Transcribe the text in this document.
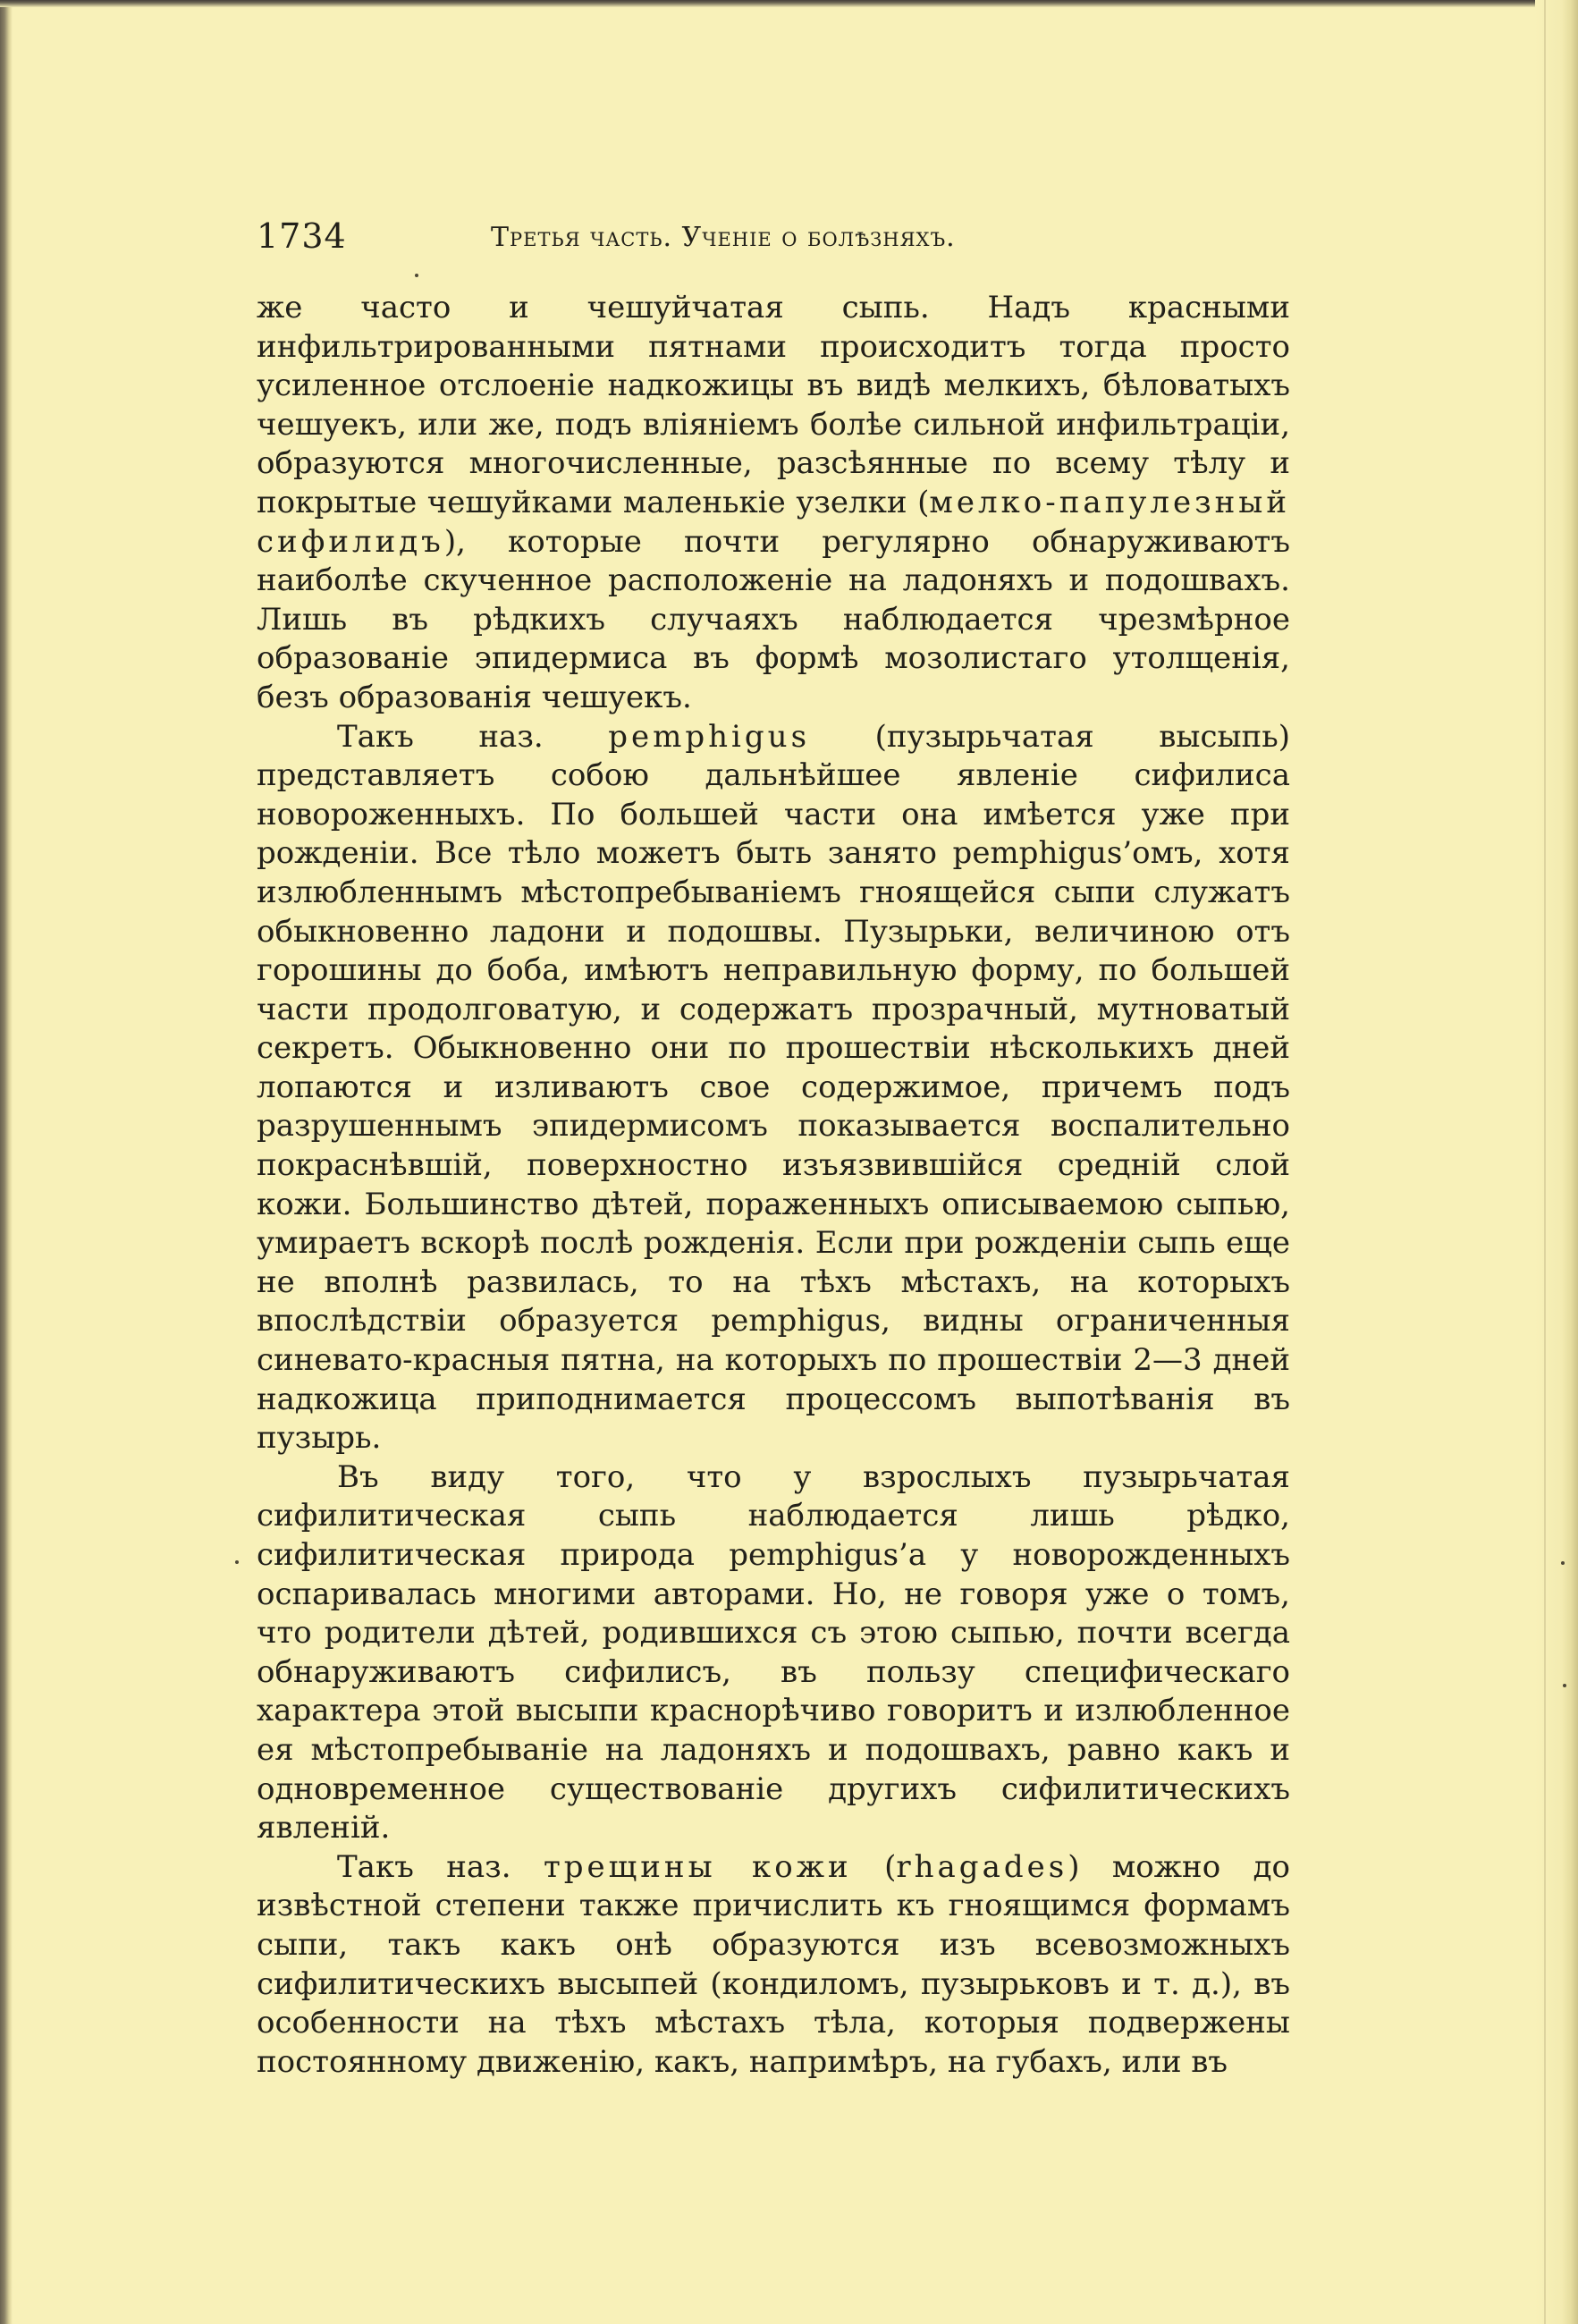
1734	Третья часть. Ученіе о болѣзняхъ.

же часто и чешуйчатая сыпь. Надъ красными инфильтрированными пятнами происходитъ тогда просто усиленное отслоеніе надкожицы въ видѣ мелкихъ, бѣловатыхъ чешуекъ, или же, подъ вліяніемъ болѣе сильной инфильтраціи, образуются многочисленные, разсѣянные по всему тѣлу и покрытые чешуйками маленькіе узелки (мелко-папулезный сифилидъ), которые почти регулярно обнаруживаютъ наиболѣе скученное расположеніе на ладоняхъ и подошвахъ. Лишь въ рѣдкихъ случаяхъ наблюдается чрезмѣрное образованіе эпидермиса въ формѣ мозолистаго утолщенія, безъ образованія чешуекъ.

Такъ наз. pemphigus (пузырьчатая высыпь) представляетъ собою дальнѣйшее явленіе сифилиса новороженныхъ. По большей части она имѣется уже при рожденіи. Все тѣло можетъ быть занято pemphigus’омъ, хотя излюбленнымъ мѣстопребываніемъ гноящейся сыпи служатъ обыкновенно ладони и подошвы. Пузырьки, величиною отъ горошины до боба, имѣютъ неправильную форму, по большей части продолговатую, и содержатъ прозрачный, мутноватый секретъ. Обыкновенно они по прошествіи нѣсколькихъ дней лопаются и изливаютъ свое содержимое, причемъ подъ разрушеннымъ эпидермисомъ показывается воспалительно покраснѣвшій, поверхностно изъязвившійся средній слой кожи. Большинство дѣтей, пораженныхъ описываемою сыпью, умираетъ вскорѣ послѣ рожденія. Если при рожденіи сыпь еще не вполнѣ развилась, то на тѣхъ мѣстахъ, на которыхъ впослѣдствіи образуется pemphigus, видны ограниченныя синевато-красныя пятна, на которыхъ по прошествіи 2—3 дней надкожица приподнимается процессомъ выпотѣванія въ пузырь.

Въ виду того, что у взрослыхъ пузырьчатая сифилитическая сыпь наблюдается лишь рѣдко, сифилитическая природа pemphigus’а у новорожденныхъ оспаривалась многими авторами. Но, не говоря уже о томъ, что родители дѣтей, родившихся съ этою сыпью, почти всегда обнаруживаютъ сифилисъ, въ пользу специфическаго характера этой высыпи краснорѣчиво говоритъ и излюбленное ея мѣстопребываніе на ладоняхъ и подошвахъ, равно какъ и одновременное существованіе другихъ сифилитическихъ явленій.

Такъ наз. трещины кожи (rhagades) можно до извѣстной степени также причислить къ гноящимся формамъ сыпи, такъ какъ онѣ образуются изъ всевозможныхъ сифилитическихъ высыпей (кондиломъ, пузырьковъ и т. д.), въ особенности на тѣхъ мѣстахъ тѣла, которыя подвержены постоянному движенію, какъ, напримѣръ, на губахъ, или въ
